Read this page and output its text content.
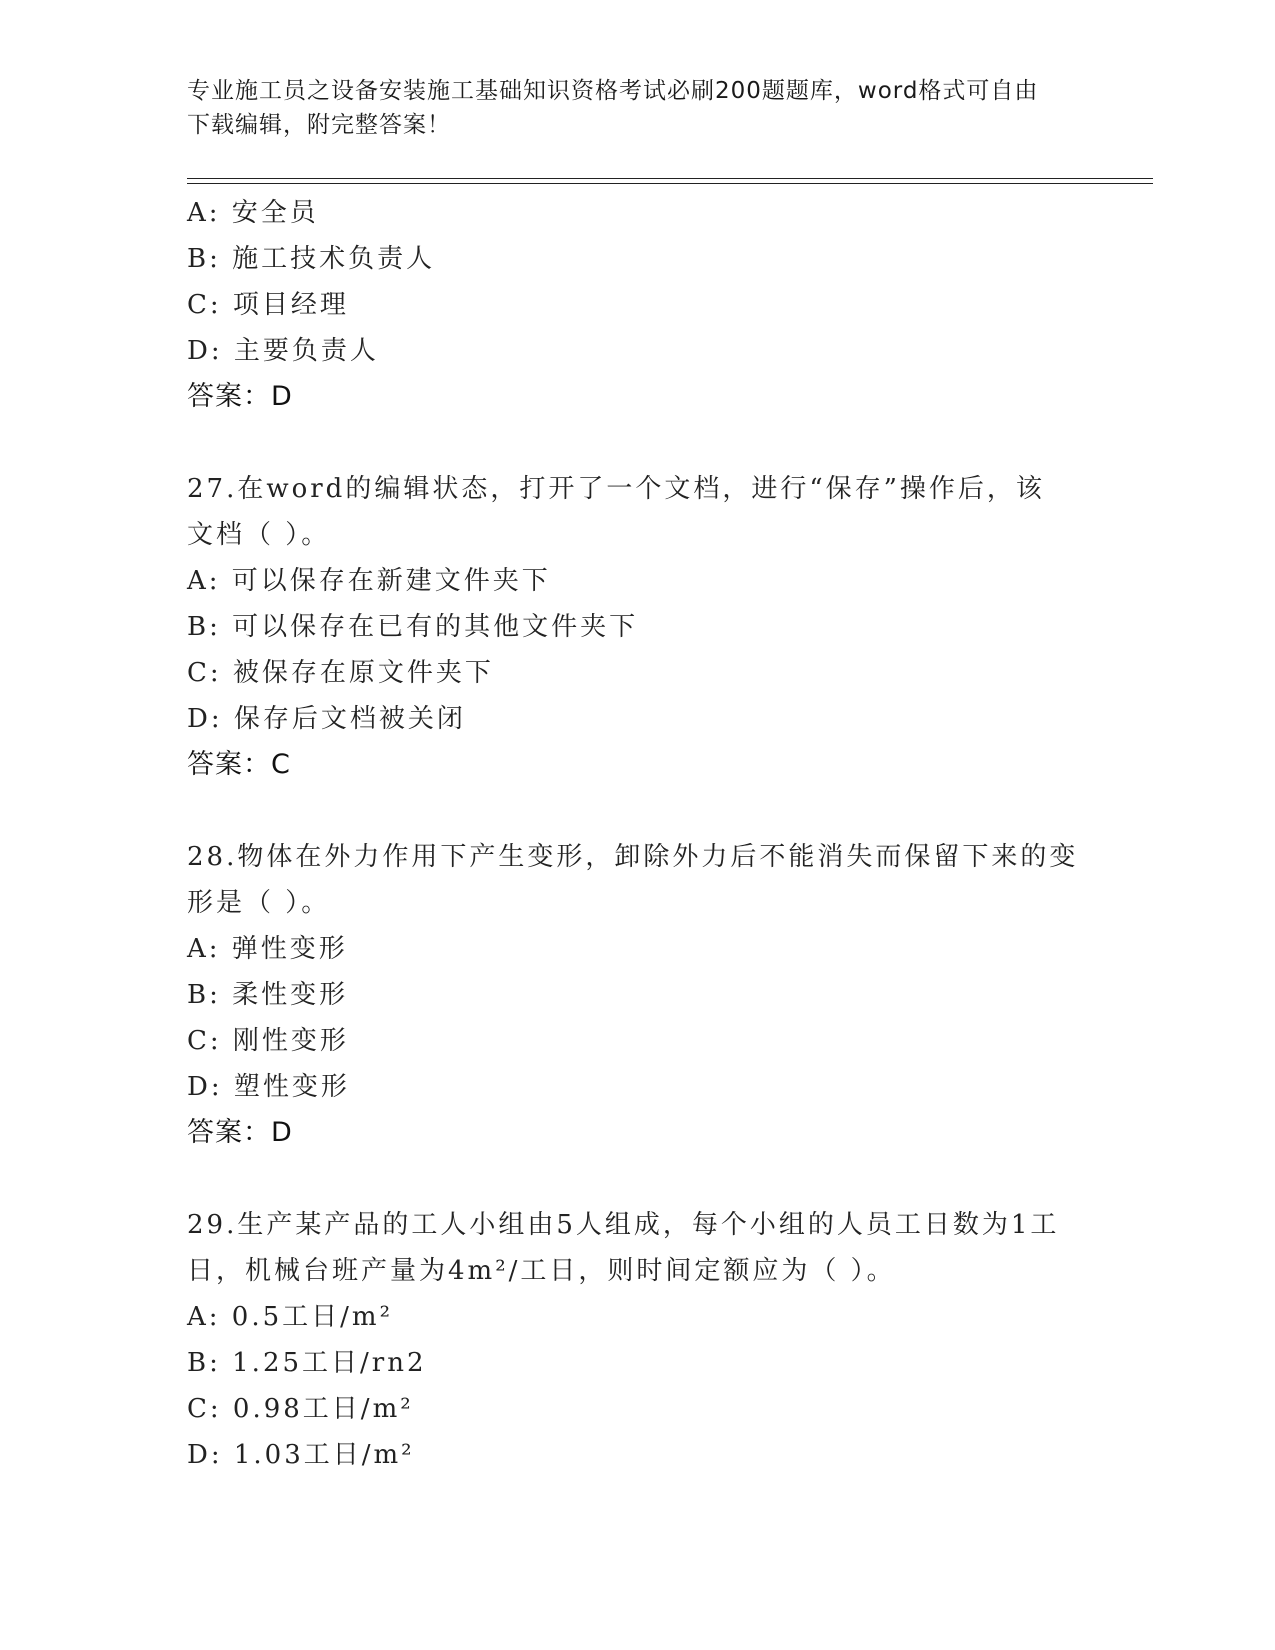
专业施工员之设备安装施工基础知识资格考试必刷200题题库，word格式可自由
下载编辑，附完整答案！
A: 安全员
B: 施工技术负责人
C: 项目经理
D: 主要负责人
答案：D
27.在word的编辑状态，打开了一个文档，进行“保存”操作后，该
文档（ ）。
A: 可以保存在新建文件夹下
B: 可以保存在已有的其他文件夹下
C: 被保存在原文件夹下
D: 保存后文档被关闭
答案：C
28.物体在外力作用下产生变形，卸除外力后不能消失而保留下来的变
形是（ ）。
A: 弹性变形
B: 柔性变形
C: 刚性变形
D: 塑性变形
答案：D
29.生产某产品的工人小组由5人组成，每个小组的人员工日数为1工
日，机械台班产量为4m²/工日，则时间定额应为（ ）。
A: 0.5工日/m²
B: 1.25工日/rn2
C: 0.98工日/m²
D: 1.03工日/m²
